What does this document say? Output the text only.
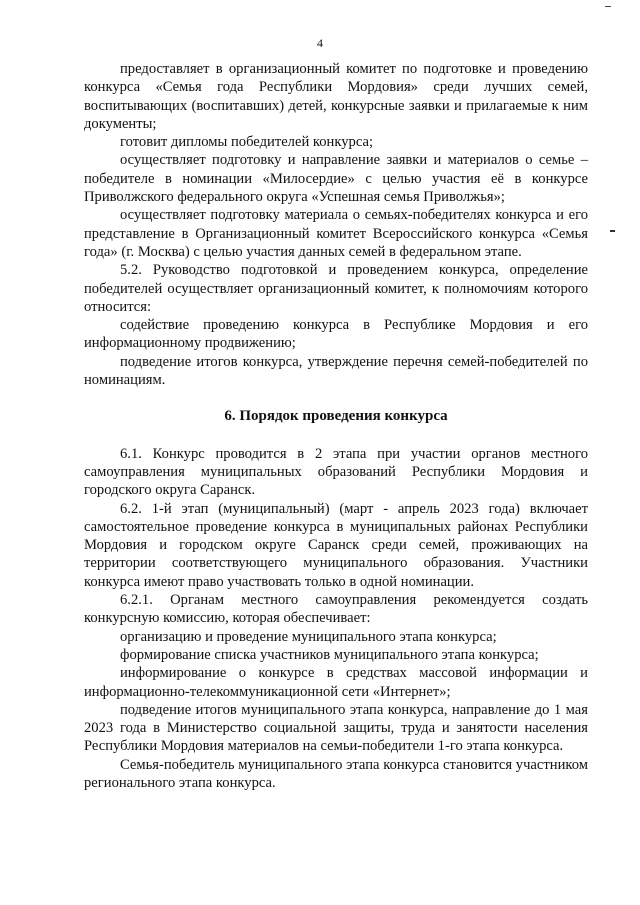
4

предоставляет в организационный комитет по подготовке и проведению конкурса «Семья года Республики Мордовия» среди лучших семей, воспитывающих (воспитавших) детей, конкурсные заявки и прилагаемые к ним документы;

готовит дипломы победителей конкурса;

осуществляет подготовку и направление заявки и материалов о семье – победителе в номинации «Милосердие» с целью участия её в конкурсе Приволжского федерального округа «Успешная семья Приволжья»;

осуществляет подготовку материала о семьях-победителях конкурса и его представление в Организационный комитет Всероссийского конкурса «Семья года» (г. Москва) с целью участия данных семей в федеральном этапе.

5.2. Руководство подготовкой и проведением конкурса, определение победителей осуществляет организационный комитет, к полномочиям которого относится:

содействие проведению конкурса в Республике Мордовия и его информационному продвижению;

подведение итогов конкурса, утверждение перечня семей-победителей по номинациям.

6. Порядок проведения конкурса

6.1. Конкурс проводится в 2 этапа при участии органов местного самоуправления муниципальных образований Республики Мордовия и городского округа Саранск.

6.2. 1-й этап (муниципальный) (март - апрель 2023 года) включает самостоятельное проведение конкурса в муниципальных районах Республики Мордовия и городском округе Саранск среди семей, проживающих на территории соответствующего муниципального образования. Участники конкурса имеют право участвовать только в одной номинации.

6.2.1. Органам местного самоуправления рекомендуется создать конкурсную комиссию, которая обеспечивает:

организацию и проведение муниципального этапа конкурса;

формирование списка участников муниципального этапа конкурса;

информирование о конкурсе в средствах массовой информации и информационно-телекоммуникационной сети «Интернет»;

подведение итогов муниципального этапа конкурса, направление до 1 мая 2023 года в Министерство социальной защиты, труда и занятости населения Республики Мордовия материалов на семьи-победители 1-го этапа конкурса.

Семья-победитель муниципального этапа конкурса становится участником регионального этапа конкурса.
